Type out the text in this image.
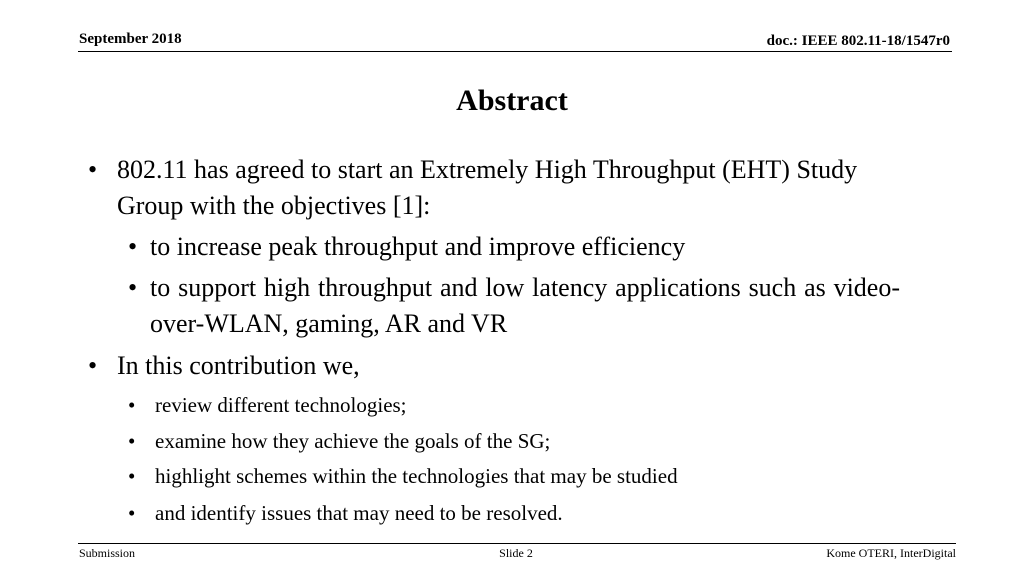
September 2018	doc.: IEEE 802.11-18/1547r0
Abstract
• 802.11 has agreed to start an Extremely High Throughput (EHT) Study Group with the objectives [1]:
• to increase peak throughput and improve efficiency
• to support high throughput and low latency applications such as video-over-WLAN, gaming, AR and VR
• In this contribution we,
• review different technologies;
• examine how they achieve the goals of the SG;
• highlight schemes within the technologies that may be studied
• and identify issues that may need to be resolved.
Submission	Slide 2	Kome OTERI, InterDigital
